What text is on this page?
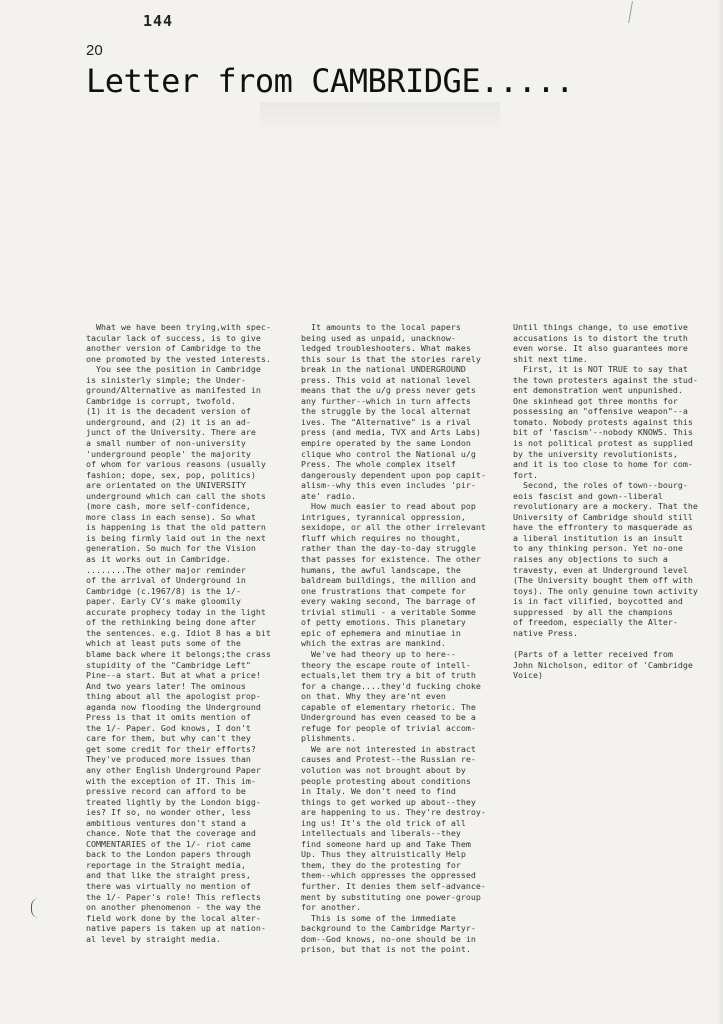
144
20
Letter from CAMBRIDGE.....
What we have been trying,with spec-
tacular lack of success, is to give
another version of Cambridge to the
one promoted by the vested interests.
You see the position in Cambridge
is sinisterly simple; the Under-
ground/Alternative as manifested in
Cambridge is corrupt, twofold.
(1) it is the decadent version of
underground, and (2) it is an ad-
junct of the University. There are
a small number of non-university
'underground people' the majority
of whom for various reasons (usually
fashion; dope, sex, pop, politics)
are orientated on the UNIVERSITY
underground which can call the shots
(more cash, more self-confidence,
more class in each sense). So what
is happening is that the old pattern
is being firmly laid out in the next
generation. So much for the Vision
as it works out in Cambridge.
........The other major reminder
of the arrival of Underground in
Cambridge (c.1967/8) is the 1/-
paper. Early CV's make gloomily
accurate prophecy today in the light
of the rethinking being done after
the sentences. e.g. Idiot 8 has a bit
which at least puts some of the
blame back where it belongs;the crass
stupidity of the "Cambridge Left"
Pine--a start. But at what a price!
And two years later! The ominous
thing about all the apologist prop-
aganda now flooding the Underground
Press is that it omits mention of
the 1/- Paper. God knows, I don't
care for them, but why can't they
get some credit for their efforts?
They've produced more issues than
any other English Underground Paper
with the exception of IT. This im-
pressive record can afford to be
treated lightly by the London bigg-
ies? If so, no wonder other, less
ambitious ventures don't stand a
chance. Note that the coverage and
COMMENTARIES of the 1/- riot came
back to the London papers through
reportage in the Straight media,
and that like the straight press,
there was virtually no mention of
the 1/- Paper's role! This reflects
on another phenomenon - the way the
field work done by the local alter-
native papers is taken up at nation-
al level by straight media.
It amounts to the local papers
being used as unpaid, unacknow-
ledged troubleshooters. What makes
this sour is that the stories rarely
break in the national UNDERGROUND
press. This void at national level
means that the u/g press never gets
any further--which in turn affects
the struggle by the local alternat
ives. The "Alternative" is a rival
press (and media, TVX and Arts Labs)
empire operated by the same London
clique who control the National u/g
Press. The whole complex itself
dangerously dependent upon pop capit-
alism--why this even includes 'pir-
ate' radio.
How much easier to read about pop
intrigues, tyrannical oppression,
sexidope, or all the other irrelevant
fluff which requires no thought,
rather than the day-to-day struggle
that passes for existence. The other
humans, the awful landscape, the
baldream buildings, the million and
one frustrations that compete for
every waking second, The barrage of
trivial stimuli - a veritable Somme
of petty emotions. This planetary
epic of ephemera and minutiae in
which the extras are mankind.
We've had theory up to here--
theory the escape route of intell-
ectuals,let them try a bit of truth
for a change....they'd fucking choke
on that. Why they are'nt even
capable of elementary rhetoric. The
Underground has even ceased to be a
refuge for people of trivial accom-
plishments.
We are not interested in abstract
causes and Protest--the Russian re-
volution was not brought about by
people protesting about conditions
in Italy. We don't need to find
things to get worked up about--they
are happening to us. They're destroy-
ing us! It's the old trick of all
intellectuals and liberals--they
find someone hard up and Take Them
Up. Thus they altruistically Help
them, they do the protesting for
them--which oppresses the oppressed
further. It denies them self-advance-
ment by substituting one power-group
for another.
This is some of the immediate
background to the Cambridge Martyr-
dom--God knows, no-one should be in
prison, but that is not the point.
Until things change, to use emotive
accusations is to distort the truth
even worse. It also guarantees more
shit next time.
First, it is NOT TRUE to say that
the town protesters against the stud-
ent demonstration went unpunished.
One skinhead got three months for
possessing an "offensive weapon"--a
tomato. Nobody protests against this
bit of 'fascism'--nobody KNOWS. This
is not political protest as supplied
by the university revolutionists,
and it is too close to home for com-
fort.
Second, the roles of town--bourg-
eois fascist and gown--liberal
revolutionary are a mockery. That the
University of Cambridge should still
have the effrontery to masquerade as
a liberal institution is an insult
to any thinking person. Yet no-one
raises any objections to such a
travesty, even at Underground level
(The University bought them off with
toys). The only genuine town activity
is in fact vilified, boycotted and
suppressed  by all the champions
of freedom, especially the Alter-
native Press.

(Parts of a letter received from
John Nicholson, editor of 'Cambridge
Voice)
